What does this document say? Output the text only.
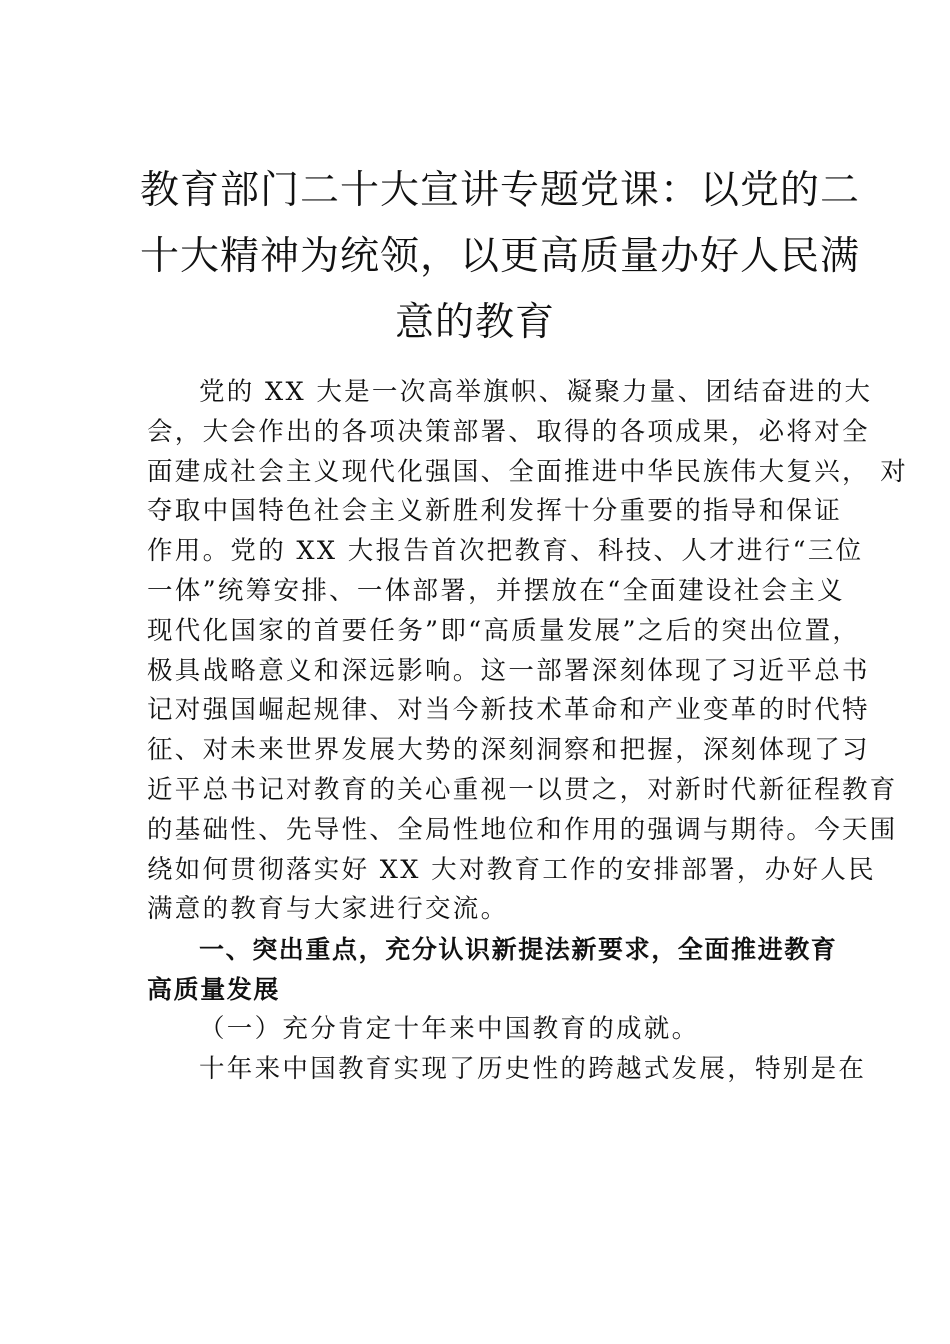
教育部门二十大宣讲专题党课：以党的二
十大精神为统领，以更高质量办好人民满
意的教育
党的 XX 大是一次高举旗帜、凝聚力量、团结奋进的大
会，大会作出的各项决策部署、取得的各项成果，必将对全
面建成社会主义现代化强国、全面推进中华民族伟大复兴， 对
夺取中国特色社会主义新胜利发挥十分重要的指导和保证
作用。党的 XX 大报告首次把教育、科技、人才进行“三位
一体”统筹安排、一体部署，并摆放在“全面建设社会主义
现代化国家的首要任务”即“高质量发展”之后的突出位置，
极具战略意义和深远影响。这一部署深刻体现了习近平总书
记对强国崛起规律、对当今新技术革命和产业变革的时代特
征、对未来世界发展大势的深刻洞察和把握，深刻体现了习
近平总书记对教育的关心重视一以贯之，对新时代新征程教育
的基础性、先导性、全局性地位和作用的强调与期待。今天围
绕如何贯彻落实好 XX 大对教育工作的安排部署，办好人民
满意的教育与大家进行交流。
一、突出重点，充分认识新提法新要求，全面推进教育
高质量发展
（一）充分肯定十年来中国教育的成就。
十年来中国教育实现了历史性的跨越式发展，特别是在
